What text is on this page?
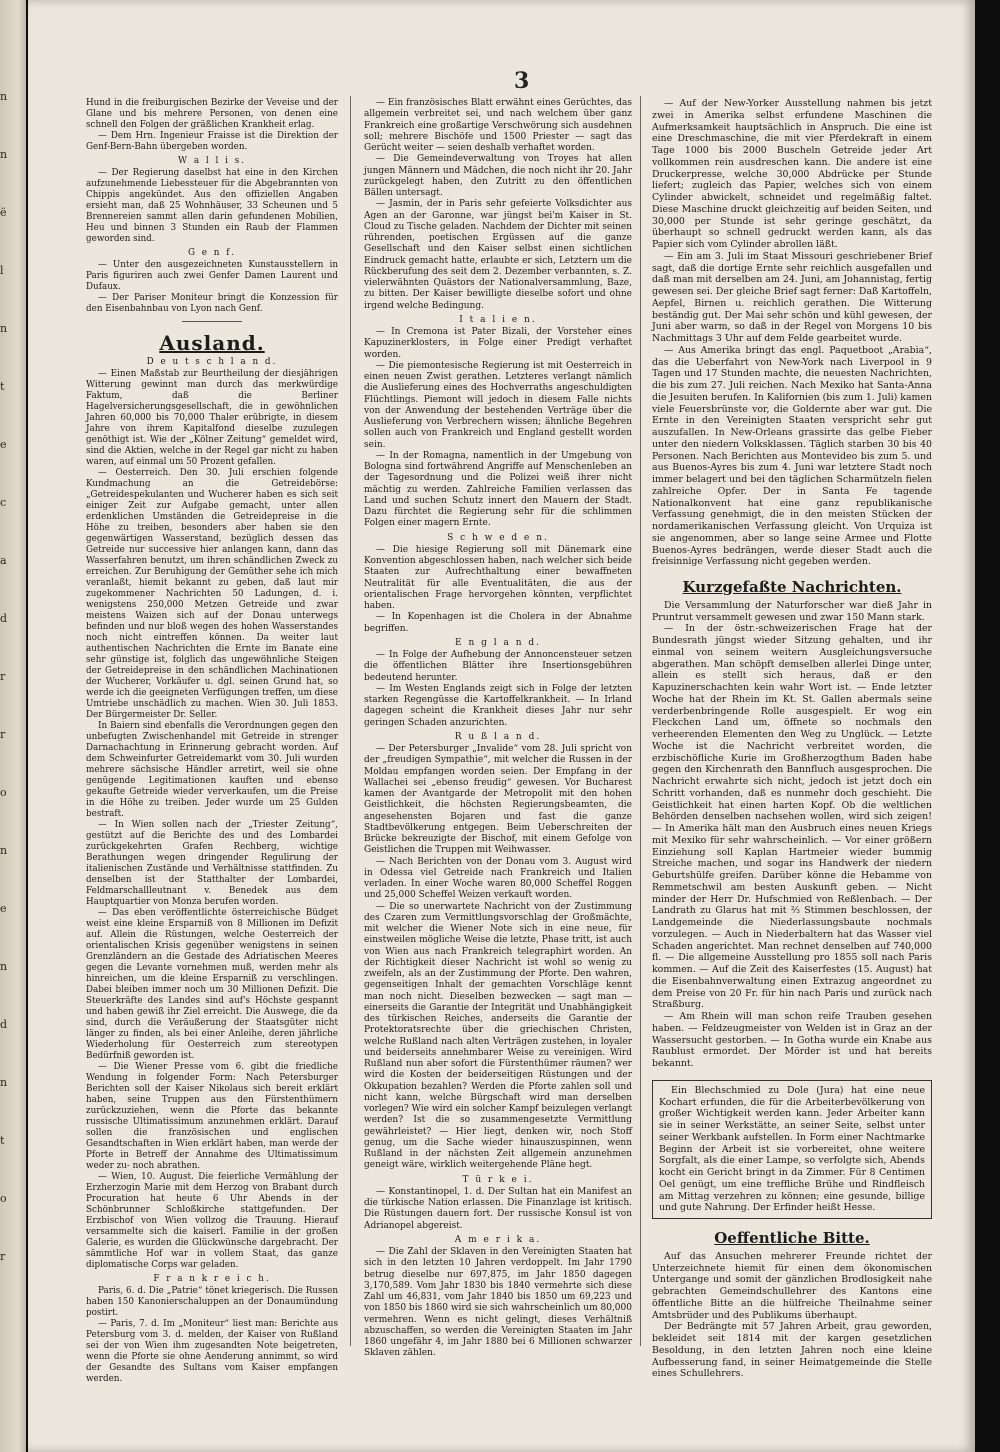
n
n
ë
l
n
t
e
c
a
d
r
r
o
n
e
n
d
n
t
o
r
3

Hund in die freiburgischen Bezirke der Veveise und der Glane und bis mehrere Personen, von denen eine schnell den Folgen der gräßlichen Krankheit erlag.

— Dem Hrn. Ingenieur Fraisse ist die Direktion der Genf-Bern-Bahn übergeben worden.

W a l l i s.

— Der Regierung daselbst hat eine in den Kirchen aufzunehmende Liebessteuer für die Abgebrannten von Chippis angekündet. Aus den offiziellen Angaben ersieht man, daß 25 Wohnhäuser, 33 Scheunen und 5 Brennereien sammt allen darin gefundenen Mobilien, Heu und binnen 3 Stunden ein Raub der Flammen geworden sind.

G e n f.

— Unter den ausgezeichneten Kunstausstellern in Paris figuriren auch zwei Genfer Damen Laurent und Dufaux.

— Der Pariser Moniteur bringt die Konzession für den Eisenbahnbau von Lyon nach Genf.

Ausland.
D e u t s c h l a n d.

— Einen Maßstab zur Beurtheilung der diesjährigen Witterung gewinnt man durch das merkwürdige Faktum, daß die Berliner Hagelversicherungsgesellschaft, die in gewöhnlichen Jahren 60,000 bis 70,000 Thaler erübrigte, in diesem Jahre von ihrem Kapitalfond dieselbe zuzulegen genöthigt ist. Wie der „Kölner Zeitung“ gemeldet wird, sind die Aktien, welche in der Regel gar nicht zu haben waren, auf einmal um 50 Prozent gefallen.

— Oesterreich. Den 30. Juli erschien folgende Kundmachung an die Getreidebörse: „Getreidespekulanten und Wucherer haben es sich seit einiger Zeit zur Aufgabe gemacht, unter allen erdenklichen Umständen die Getreidepreise in die Höhe zu treiben, besonders aber haben sie den gegenwärtigen Wasserstand, bezüglich dessen das Getreide nur successive hier anlangen kann, dann das Wasserfahren benutzt, um ihren schändlichen Zweck zu erreichen. Zur Beruhigung der Gemüther sehe ich mich veranlaßt, hiemit bekannt zu geben, daß laut mir zugekommener Nachrichten 50 Ladungen, d. i. wenigstens 250,000 Metzen Getreide und zwar meistens Waizen sich auf der Donau unterwegs befinden und nur bloß wegen des hohen Wasserstandes noch nicht eintreffen können. Da weiter laut authentischen Nachrichten die Ernte im Banate eine sehr günstige ist, folglich das ungewöhnliche Steigen der Getreidepreise in den schändlichen Machinationen der Wucherer, Vorkäufer u. dgl. seinen Grund hat, so werde ich die geeigneten Verfügungen treffen, um diese Umtriebe unschädlich zu machen. Wien 30. Juli 1853. Der Bürgermeister Dr. Seller.

In Baiern sind ebenfalls die Verordnungen gegen den unbefugten Zwischenhandel mit Getreide in strenger Darnachachtung in Erinnerung gebracht worden. Auf dem Schweinfurter Getreidemarkt vom 30. Juli wurden mehrere sächsische Händler arretirt, weil sie ohne genügende Legitimationen kauften und ebenso gekaufte Getreide wieder ververkaufen, um die Preise in die Höhe zu treiben. Jeder wurde um 25 Gulden bestraft.

— In Wien sollen nach der „Triester Zeitung“, gestützt auf die Berichte des und des Lombardei zurückgekehrten Grafen Rechberg, wichtige Berathungen wegen dringender Regulirung der italienischen Zustände und Verhältnisse stattfinden. Zu denselben ist der Statthalter der Lombardei, Feldmarschallleutnant v. Benedek aus dem Hauptquartier von Monza berufen worden.

— Das eben veröffentlichte österreichische Büdget weist eine kleine Ersparniß von 8 Millionen im Defizit auf. Allein die Rüstungen, welche Oesterreich der orientalischen Krisis gegenüber wenigstens in seinen Grenzländern an die Gestade des Adriatischen Meeres gegen die Levante vornehmen muß, werden mehr als hinreichen, um die kleine Ersparniß zu verschlingen. Dabei bleiben immer noch um 30 Millionen Defizit. Die Steuerkräfte des Landes sind auf's Höchste gespannt und haben gewiß ihr Ziel erreicht. Die Auswege, die da sind, durch die Veräußerung der Staatsgüter nicht länger zu finden, als bei einer Anleihe, deren jährliche Wiederholung für Oesterreich zum stereotypen Bedürfniß geworden ist.

— Die Wiener Presse vom 6. gibt die friedliche Wendung in folgender Form: Nach Petersburger Berichten soll der Kaiser Nikolaus sich bereit erklärt haben, seine Truppen aus den Fürstenthümern zurückzuziehen, wenn die Pforte das bekannte russische Ultimatissimum anzunehmen erklärt. Darauf sollen die französischen und englischen Gesandtschaften in Wien erklärt haben, man werde der Pforte in Betreff der Annahme des Ultimatissimum weder zu- noch abrathen.

— Wien, 10. August. Die feierliche Vermählung der Erzherzogin Marie mit dem Herzog von Brabant durch Procuration hat heute 6 Uhr Abends in der Schönbrunner Schloßkirche stattgefunden. Der Erzbischof von Wien vollzog die Trauung. Hierauf versammelte sich die kaiserl. Familie in der großen Galerie, es wurden die Glückwünsche dargebracht. Der sämmtliche Hof war in vollem Staat, das ganze diplomatische Corps war geladen.

F r a n k r e i c h.

Paris, 6. d. Die „Patrie“ tönet kriegerisch. Die Russen haben 150 Kanonierschaluppen an der Donaumündung postirt.

— Paris, 7. d. Im „Moniteur“ liest man: Berichte aus Petersburg vom 3. d. melden, der Kaiser von Rußland sei der von Wien ihm zugesandten Note beigetreten, wenn die Pforte sie ohne Aenderung annimmt, so wird der Gesandte des Sultans vom Kaiser empfangen werden.

— Ein französisches Blatt erwähnt eines Gerüchtes, das allgemein verbreitet sei, und nach welchem über ganz Frankreich eine großartige Verschwörung sich ausdehnen soll; mehrere Bischöfe und 1500 Priester — sagt das Gerücht weiter — seien deshalb verhaftet worden.

— Die Gemeindeverwaltung von Troyes hat allen jungen Männern und Mädchen, die noch nicht ihr 20. Jahr zurückgelegt haben, den Zutritt zu den öffentlichen Bällen untersagt.

— Jasmin, der in Paris sehr gefeierte Volksdichter aus Agen an der Garonne, war jüngst bei'm Kaiser in St. Cloud zu Tische geladen. Nachdem der Dichter mit seinen rührenden, poetischen Ergüssen auf die ganze Gesellschaft und den Kaiser selbst einen sichtlichen Eindruck gemacht hatte, erlaubte er sich, Letztern um die Rückberufung des seit dem 2. Dezember verbannten, s. Z. vielerwähnten Quästors der Nationalversammlung, Baze, zu bitten. Der Kaiser bewilligte dieselbe sofort und ohne irgend welche Bedingung.

I t a l i e n.

— In Cremona ist Pater Bizali, der Vorsteher eines Kapuzinerklosters, in Folge einer Predigt verhaftet worden.

— Die piemontesische Regierung ist mit Oesterreich in einen neuen Zwist gerathen. Letzteres verlangt nämlich die Auslieferung eines des Hochverraths angeschuldigten Flüchtlings. Piemont will jedoch in diesem Falle nichts von der Anwendung der bestehenden Verträge über die Auslieferung von Verbrechern wissen; ähnliche Begehren sollen auch von Frankreich und England gestellt worden sein.

— In der Romagna, namentlich in der Umgebung von Bologna sind fortwährend Angriffe auf Menschenleben an der Tagesordnung und die Polizei weiß ihrer nicht mächtig zu werden. Zahlreiche Familien verlassen das Land und suchen Schutz innert den Mauern der Stadt. Dazu fürchtet die Regierung sehr für die schlimmen Folgen einer magern Ernte.

S c h w e d e n.

— Die hiesige Regierung soll mit Dänemark eine Konvention abgeschlossen haben, nach welcher sich beide Staaten zur Aufrechthaltung einer bewaffneten Neutralität für alle Eventualitäten, die aus der orientalischen Frage hervorgehen könnten, verpflichtet haben.

— In Kopenhagen ist die Cholera in der Abnahme begriffen.

E n g l a n d.

— In Folge der Aufhebung der Annoncensteuer setzen die öffentlichen Blätter ihre Insertionsgebühren bedeutend herunter.

— Im Westen Englands zeigt sich in Folge der letzten starken Regengüsse die Kartoffelkrankheit. — In Irland dagegen scheint die Krankheit dieses Jahr nur sehr geringen Schaden anzurichten.

R u ß l a n d.

— Der Petersburger „Invalide“ vom 28. Juli spricht von der „freudigen Sympathie“, mit welcher die Russen in der Moldau empfangen worden seien. Der Empfang in der Wallachei sei „ebenso freudig“ gewesen. Vor Bucharest kamen der Avantgarde der Metropolit mit den hohen Geistlichkeit, die höchsten Regierungsbeamten, die angesehensten Bojaren und fast die ganze Stadtbevölkerung entgegen. Beim Ueberschreiten der Brücke bekreuzigte der Bischof, mit einem Gefolge von Geistlichen die Truppen mit Weihwasser.

— Nach Berichten von der Donau vom 3. August wird in Odessa viel Getreide nach Frankreich und Italien verladen. In einer Woche waren 80,000 Scheffel Roggen und 25,000 Scheffel Weizen verkauft worden.

— Die so unerwartete Nachricht von der Zustimmung des Czaren zum Vermittlungsvorschlag der Großmächte, mit welcher die Wiener Note sich in eine neue, für einstweilen mögliche Weise die letzte, Phase tritt, ist auch von Wien aus nach Frankreich telegraphirt worden. An der Richtigkeit dieser Nachricht ist wohl so wenig zu zweifeln, als an der Zustimmung der Pforte. Den wahren, gegenseitigen Inhalt der gemachten Vorschläge kennt man noch nicht. Dieselben bezwecken — sagt man — einerseits die Garantie der Integrität und Unabhängigkeit des türkischen Reiches, anderseits die Garantie der Protektoratsrechte über die griechischen Christen, welche Rußland nach alten Verträgen zustehen, in loyaler und beiderseits annehmbarer Weise zu vereinigen. Wird Rußland nun aber sofort die Fürstenthümer räumen? wer wird die Kosten der beiderseitigen Rüstungen und der Okkupation bezahlen? Werden die Pforte zahlen soll und nicht kann, welche Bürgschaft wird man derselben vorlegen? Wie wird ein solcher Kampf beizulegen verlangt werden? Ist die so zusammengesetzte Vermittlung gewährleistet? — Hier liegt, denken wir, noch Stoff genug, um die Sache wieder hinauszuspinnen, wenn Rußland in der nächsten Zeit allgemein anzunehmen geneigt wäre, wirklich weitergehende Pläne hegt.

T ü r k e i.

— Konstantinopel, 1. d. Der Sultan hat ein Manifest an die türkische Nation erlassen. Die Finanzlage ist kritisch. Die Rüstungen dauern fort. Der russische Konsul ist von Adrianopel abgereist.

A m e r i k a.

— Die Zahl der Sklaven in den Vereinigten Staaten hat sich in den letzten 10 Jahren verdoppelt. Im Jahr 1790 betrug dieselbe nur 697,875, im Jahr 1850 dagegen 3,170,589. Vom Jahr 1830 bis 1840 vermehrte sich diese Zahl um 46,831, vom Jahr 1840 bis 1850 um 69,223 und von 1850 bis 1860 wird sie sich wahrscheinlich um 80,000 vermehren. Wenn es nicht gelingt, dieses Verhältniß abzuschaffen, so werden die Vereinigten Staaten im Jahr 1860 ungefähr 4, im Jahr 1880 bei 6 Millionen schwarzer Sklaven zählen.

— Auf der New-Yorker Ausstellung nahmen bis jetzt zwei in Amerika selbst erfundene Maschinen die Aufmerksamkeit hauptsächlich in Anspruch. Die eine ist eine Dreschmaschine, die mit vier Pferdekraft in einem Tage 1000 bis 2000 Buscheln Getreide jeder Art vollkommen rein ausdreschen kann. Die andere ist eine Druckerpresse, welche 30,000 Abdrücke per Stunde liefert; zugleich das Papier, welches sich von einem Cylinder abwickelt, schneidet und regelmäßig faltet. Diese Maschine druckt gleichzeitig auf beiden Seiten, und 30,000 per Stunde ist sehr geringe geschätzt, da überhaupt so schnell gedruckt werden kann, als das Papier sich vom Cylinder abrollen läßt.

— Ein am 3. Juli im Staat Missouri geschriebener Brief sagt, daß die dortige Ernte sehr reichlich ausgefallen und daß man mit derselben am 24. Juni, am Johannistag, fertig gewesen sei. Der gleiche Brief sagt ferner: Daß Kartoffeln, Aepfel, Birnen u. reichlich gerathen. Die Witterung beständig gut. Der Mai sehr schön und kühl gewesen, der Juni aber warm, so daß in der Regel von Morgens 10 bis Nachmittags 3 Uhr auf dem Felde gearbeitet wurde.

— Aus Amerika bringt das engl. Paquetboot „Arabia“, das die Ueberfahrt von New-York nach Liverpool in 9 Tagen und 17 Stunden machte, die neuesten Nachrichten, die bis zum 27. Juli reichen. Nach Mexiko hat Santa-Anna die Jesuiten berufen. In Kalifornien (bis zum 1. Juli) kamen viele Feuersbrünste vor, die Goldernte aber war gut. Die Ernte in den Vereinigten Staaten verspricht sehr gut auszufallen. In New-Orleans grassirte das gelbe Fieber unter den niedern Volksklassen. Täglich starben 30 bis 40 Personen. Nach Berichten aus Montevideo bis zum 5. und aus Buenos-Ayres bis zum 4. Juni war letztere Stadt noch immer belagert und bei den täglichen Scharmützeln fielen zahlreiche Opfer. Der in Santa Fe tagende Nationalkonvent hat eine ganz republikanische Verfassung genehmigt, die in den meisten Stücken der nordamerikanischen Verfassung gleicht. Von Urquiza ist sie angenommen, aber so lange seine Armee und Flotte Buenos-Ayres bedrängen, werde dieser Stadt auch die freisinnige Verfassung nicht gegeben werden.

Kurzgefaßte Nachrichten.

Die Versammlung der Naturforscher war dieß Jahr in Pruntrut versammelt gewesen und zwar 150 Mann stark.

— In der östr.-schweizerischen Frage hat der Bundesrath jüngst wieder Sitzung gehalten, und ihr einmal von seinem weitern Ausgleichungsversuche abgerathen. Man schöpft demselben allerlei Dinge unter, allein es stellt sich heraus, daß er den Kapuzinerschachten kein wahr Wort ist. — Ende letzter Woche hat der Rhein im Kt. St. Gallen abermals seine verderbenbringende Rolle ausgespielt. Er wog ein Fleckchen Land um, öffnete so nochmals den verheerenden Elementen den Weg zu Unglück. — Letzte Woche ist die Nachricht verbreitet worden, die erzbischöfliche Kurie im Großherzogthum Baden habe gegen den Kirchenrath den Bannfluch ausgesprochen. Die Nachricht erwahrte sich nicht, jedoch ist jetzt doch ein Schritt vorhanden, daß es nunmehr doch geschieht. Die Geistlichkeit hat einen harten Kopf. Ob die weltlichen Behörden denselben nachsehen wollen, wird sich zeigen! — In Amerika hält man den Ausbruch eines neuen Kriegs mit Mexiko für sehr wahrscheinlich. — Vor einer größern Einziehung soll Kaplan Hartmeier wieder bummig Streiche machen, und sogar ins Handwerk der niedern Geburtshülfe greifen. Darüber könne die Hebamme von Remmetschwil am besten Auskunft geben. — Nicht minder der Herr Dr. Hufschmied von Reßlenbach. — Der Landrath zu Glarus hat mit ⅔ Stimmen beschlossen, der Landgemeinde die Niederlassungsbaute nochmals vorzulegen. — Auch in Niederbaltern hat das Wasser viel Schaden angerichtet. Man rechnet denselben auf 740,000 fl. — Die allgemeine Ausstellung pro 1855 soll nach Paris kommen. — Auf die Zeit des Kaiserfestes (15. August) hat die Eisenbahnverwaltung einen Extrazug angeordnet zu dem Preise von 20 Fr. für hin nach Paris und zurück nach Straßburg.

— Am Rhein will man schon reife Trauben gesehen haben. — Feldzeugmeister von Welden ist in Graz an der Wassersucht gestorben. — In Gotha wurde ein Knabe aus Raublust ermordet. Der Mörder ist und hat bereits bekannt.

Ein Blechschmied zu Dole (Jura) hat eine neue Kochart erfunden, die für die Arbeiterbevölkerung von großer Wichtigkeit werden kann. Jeder Arbeiter kann sie in seiner Werkstätte, an seiner Seite, selbst unter seiner Werkbank aufstellen. In Form einer Nachtmarke Beginn der Arbeit ist sie vorbereitet, ohne weitere Sorgfalt, als die einer Lampe, so verfolgte sich, Abends kocht ein Gericht bringt in da Zimmer. Für 8 Centimen Oel genügt, um eine treffliche Brühe und Rindfleisch am Mittag verzehren zu können; eine gesunde, billige und gute Nahrung. Der Erfinder heißt Hesse.

Oeffentliche Bitte.

Auf das Ansuchen mehrerer Freunde richtet der Unterzeichnete hiemit für einen dem ökonomischen Untergange und somit der gänzlichen Brodlosigkeit nahe gebrachten Gemeindschullehrer des Kantons eine öffentliche Bitte an die hülfreiche Theilnahme seiner Amtsbrüder und des Publikums überhaupt.

Der Bedrängte mit 57 Jahren Arbeit, grau geworden, bekleidet seit 1814 mit der kargen gesetzlichen Besoldung, in den letzten Jahren noch eine kleine Aufbesserung fand, in seiner Heimatgemeinde die Stelle eines Schullehrers.
